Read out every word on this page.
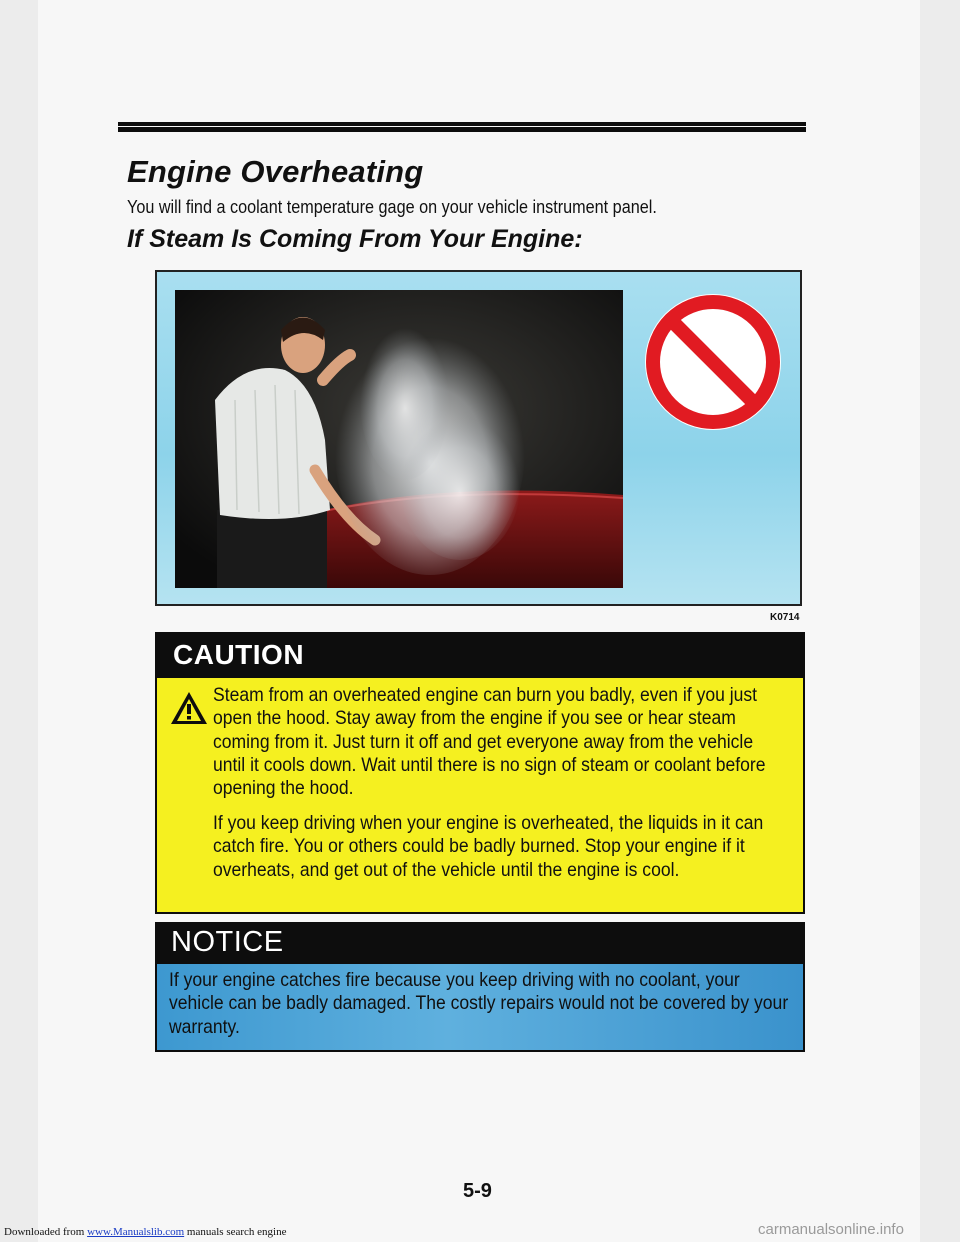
Engine Overheating

You will find a coolant temperature gage on your vehicle instrument panel.

If Steam Is Coming From Your Engine:

K0714

CAUTION

Steam from an overheated engine can burn you badly, even if you just open the hood. Stay away from the engine if you see or hear steam coming from it. Just turn it off and get everyone away from the vehicle until it cools down. Wait until there is no sign of steam or coolant before opening the hood.

If you keep driving when your engine is overheated, the liquids in it can catch fire. You or others could be badly burned. Stop your engine if it overheats, and get out of the vehicle until the engine is cool.

NOTICE

If your engine catches fire because you keep driving with no coolant, your vehicle can be badly damaged. The costly repairs would not be covered by your warranty.

5-9

Downloaded from www.Manualslib.com manuals search engine	carmanualsonline.info
